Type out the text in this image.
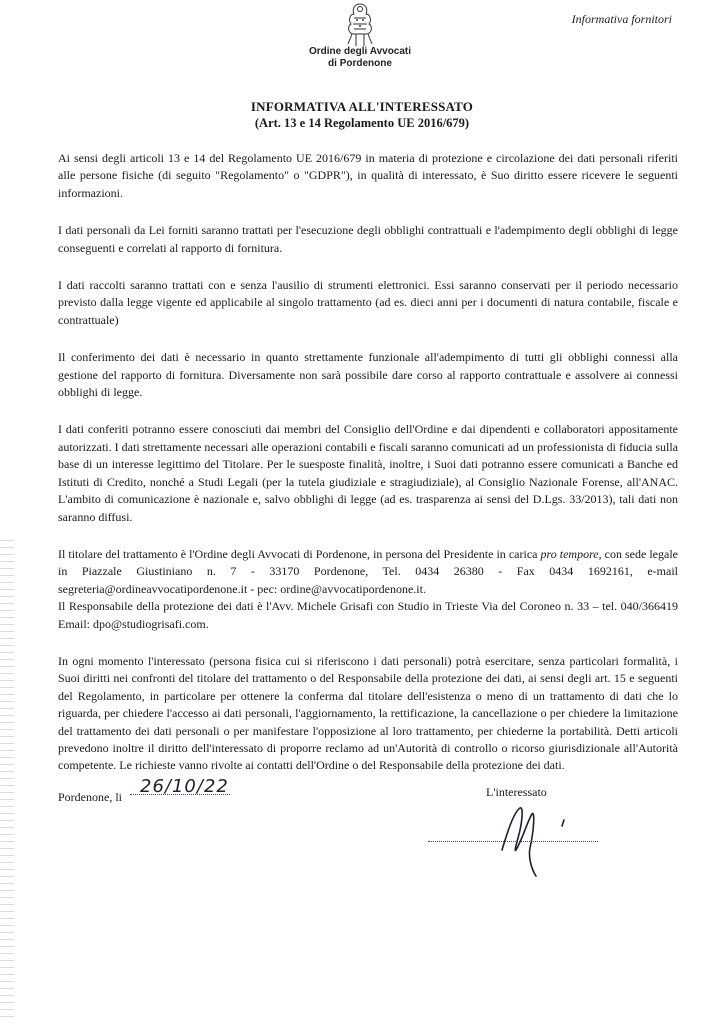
Ordine degli Avvocati
di Pordenone
Informativa fornitori
INFORMATIVA ALL'INTERESSATO
(Art. 13 e 14 Regolamento UE 2016/679)

Ai sensi degli articoli 13 e 14 del Regolamento UE 2016/679 in materia di protezione e circolazione dei dati personali riferiti alle persone fisiche (di seguito "Regolamento" o "GDPR"), in qualità di interessato, è Suo diritto essere ricevere le seguenti informazioni.

I dati personali da Lei forniti saranno trattati per l'esecuzione degli obblighi contrattuali e l'adempimento degli obblighi di legge conseguenti e correlati al rapporto di fornitura.

I dati raccolti saranno trattati con e senza l'ausilio di strumenti elettronici. Essi saranno conservati per il periodo necessario previsto dalla legge vigente ed applicabile al singolo trattamento (ad es. dieci anni per i documenti di natura contabile, fiscale e contrattuale)

Il conferimento dei dati è necessario in quanto strettamente funzionale all'adempimento di tutti gli obblighi connessi alla gestione del rapporto di fornitura. Diversamente non sarà possibile dare corso al rapporto contrattuale e assolvere ai connessi obblighi di legge.

I dati conferiti potranno essere conosciuti dai membri del Consiglio dell'Ordine e dai dipendenti e collaboratori appositamente autorizzati. I dati strettamente necessari alle operazioni contabili e fiscali saranno comunicati ad un professionista di fiducia sulla base di un interesse legittimo del Titolare. Per le suesposte finalità, inoltre, i Suoi dati potranno essere comunicati a Banche ed Istituti di Credito, nonché a Studi Legali (per la tutela giudiziale e stragiudiziale), al Consiglio Nazionale Forense, all'ANAC. L'ambito di comunicazione è nazionale e, salvo obblighi di legge (ad es. trasparenza ai sensi del D.Lgs. 33/2013), tali dati non saranno diffusi.

Il titolare del trattamento è l'Ordine degli Avvocati di Pordenone, in persona del Presidente in carica pro tempore, con sede legale in Piazzale Giustiniano n. 7 - 33170 Pordenone, Tel. 0434 26380 - Fax 0434 1692161, e-mail segreteria@ordineavvocatipordenone.it - pec: ordine@avvocatipordenone.it.

Il Responsabile della protezione dei dati è l'Avv. Michele Grisafi con Studio in Trieste Via del Coroneo n. 33 – tel. 040/366419 Email: dpo@studiogrisafi.com.

In ogni momento l'interessato (persona fisica cui si riferiscono i dati personali) potrà esercitare, senza particolari formalità, i Suoi diritti nei confronti del titolare del trattamento o del Responsabile della protezione dei dati, ai sensi degli art. 15 e seguenti del Regolamento, in particolare per ottenere la conferma dal titolare dell'esistenza o meno di un trattamento di dati che lo riguarda, per chiedere l'accesso ai dati personali, l'aggiornamento, la rettificazione, la cancellazione o per chiedere la limitazione del trattamento dei dati personali o per manifestare l'opposizione al loro trattamento, per chiederne la portabilità. Detti articoli prevedono inoltre il diritto dell'interessato di proporre reclamo ad un'Autorità di controllo o ricorso giurisdizionale all'Autorità competente. Le richieste vanno rivolte ai contatti dell'Ordine o del Responsabile della protezione dei dati.

Pordenone, li 26/10/22	L'interessato
